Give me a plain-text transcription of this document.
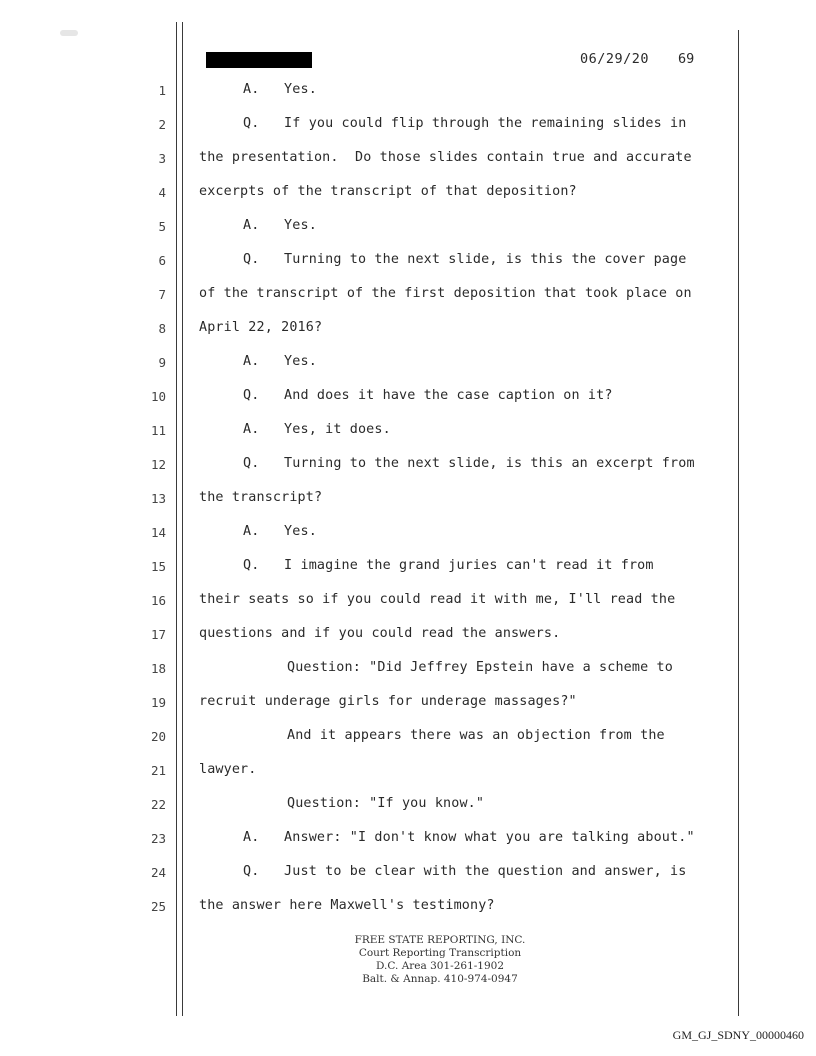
06/29/20 69
1	A.   Yes.
2	Q.   If you could flip through the remaining slides in
3 the presentation.  Do those slides contain true and accurate
4 excerpts of the transcript of that deposition?
5	A.   Yes.
6	Q.   Turning to the next slide, is this the cover page
7 of the transcript of the first deposition that took place on
8 April 22, 2016?
9	A.   Yes.
10	Q.   And does it have the case caption on it?
11	A.   Yes, it does.
12	Q.   Turning to the next slide, is this an excerpt from
13 the transcript?
14	A.   Yes.
15	Q.   I imagine the grand juries can't read it from
16 their seats so if you could read it with me, I'll read the
17 questions and if you could read the answers.
18	Question: "Did Jeffrey Epstein have a scheme to
19 recruit underage girls for underage massages?"
20	And it appears there was an objection from the
21 lawyer.
22	Question: "If you know."
23	A.   Answer: "I don't know what you are talking about."
24	Q.   Just to be clear with the question and answer, is
25 the answer here Maxwell's testimony?
FREE STATE REPORTING, INC.
Court Reporting Transcription
D.C. Area 301-261-1902
Balt. & Annap. 410-974-0947
GM_GJ_SDNY_00000460
